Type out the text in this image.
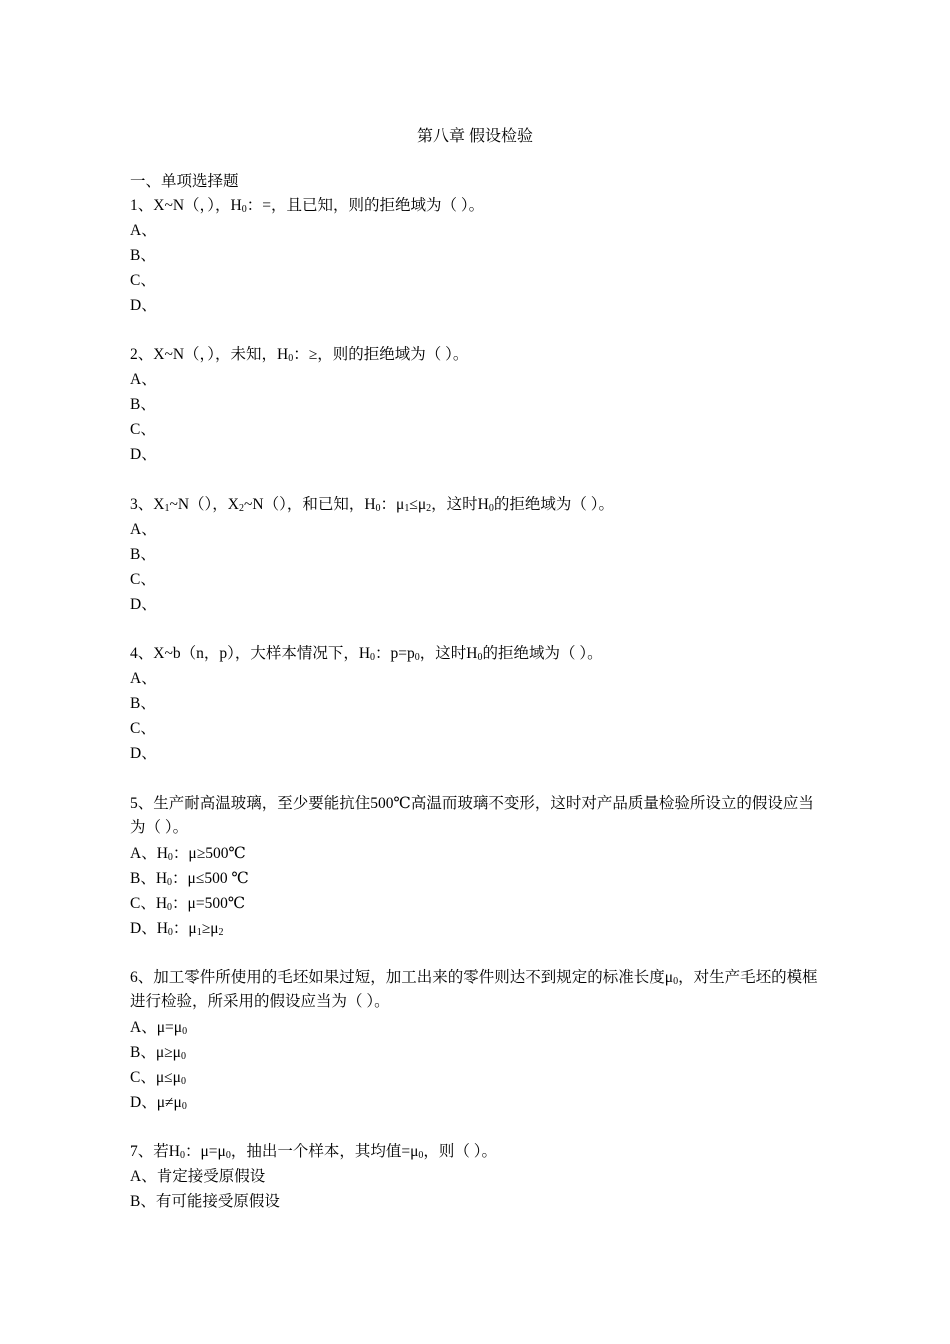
第八章 假设检验
一、单项选择题
1、X~N（，），$H_0$：=，且已知，则的拒绝域为（ ）。
A、
B、
C、
D、
2、X~N（，），未知，$H_0$：≥，则的拒绝域为（ ）。
A、
B、
C、
D、
3、$X_1\sim N()$，$X_2\sim N()$，和已知，$H_0$：$\mu_1\le\mu_2$，这时$H_0$的拒绝域为（ ）。
A、
B、
C、
D、
4、X~b（n，p），大样本情况下，$H_0$：$p=p_0$，这时$H_0$的拒绝域为（ ）。
A、
B、
C、
D、
5、生产耐高温玻璃，至少要能抗住500℃高温而玻璃不变形，这时对产品质量检验所设立的假设应当为（ ）。
A、$H_0$：μ≥500℃
B、$H_0$：μ≤500 ℃
C、$H_0$：μ=500℃
D、$H_0$：$\mu_1\ge\mu_2$
6、加工零件所使用的毛坯如果过短，加工出来的零件则达不到规定的标准长度$\mu_0$，对生产毛坯的模框进行检验，所采用的假设应当为（ ）。
A、$\mu=\mu_0$
B、$\mu\ge\mu_0$
C、$\mu\le\mu_0$
D、$\mu\ne\mu_0$
7、若$H_0$：$\mu=\mu_0$，抽出一个样本，其均值$=\mu_0$，则（ ）。
A、肯定接受原假设
B、有可能接受原假设
